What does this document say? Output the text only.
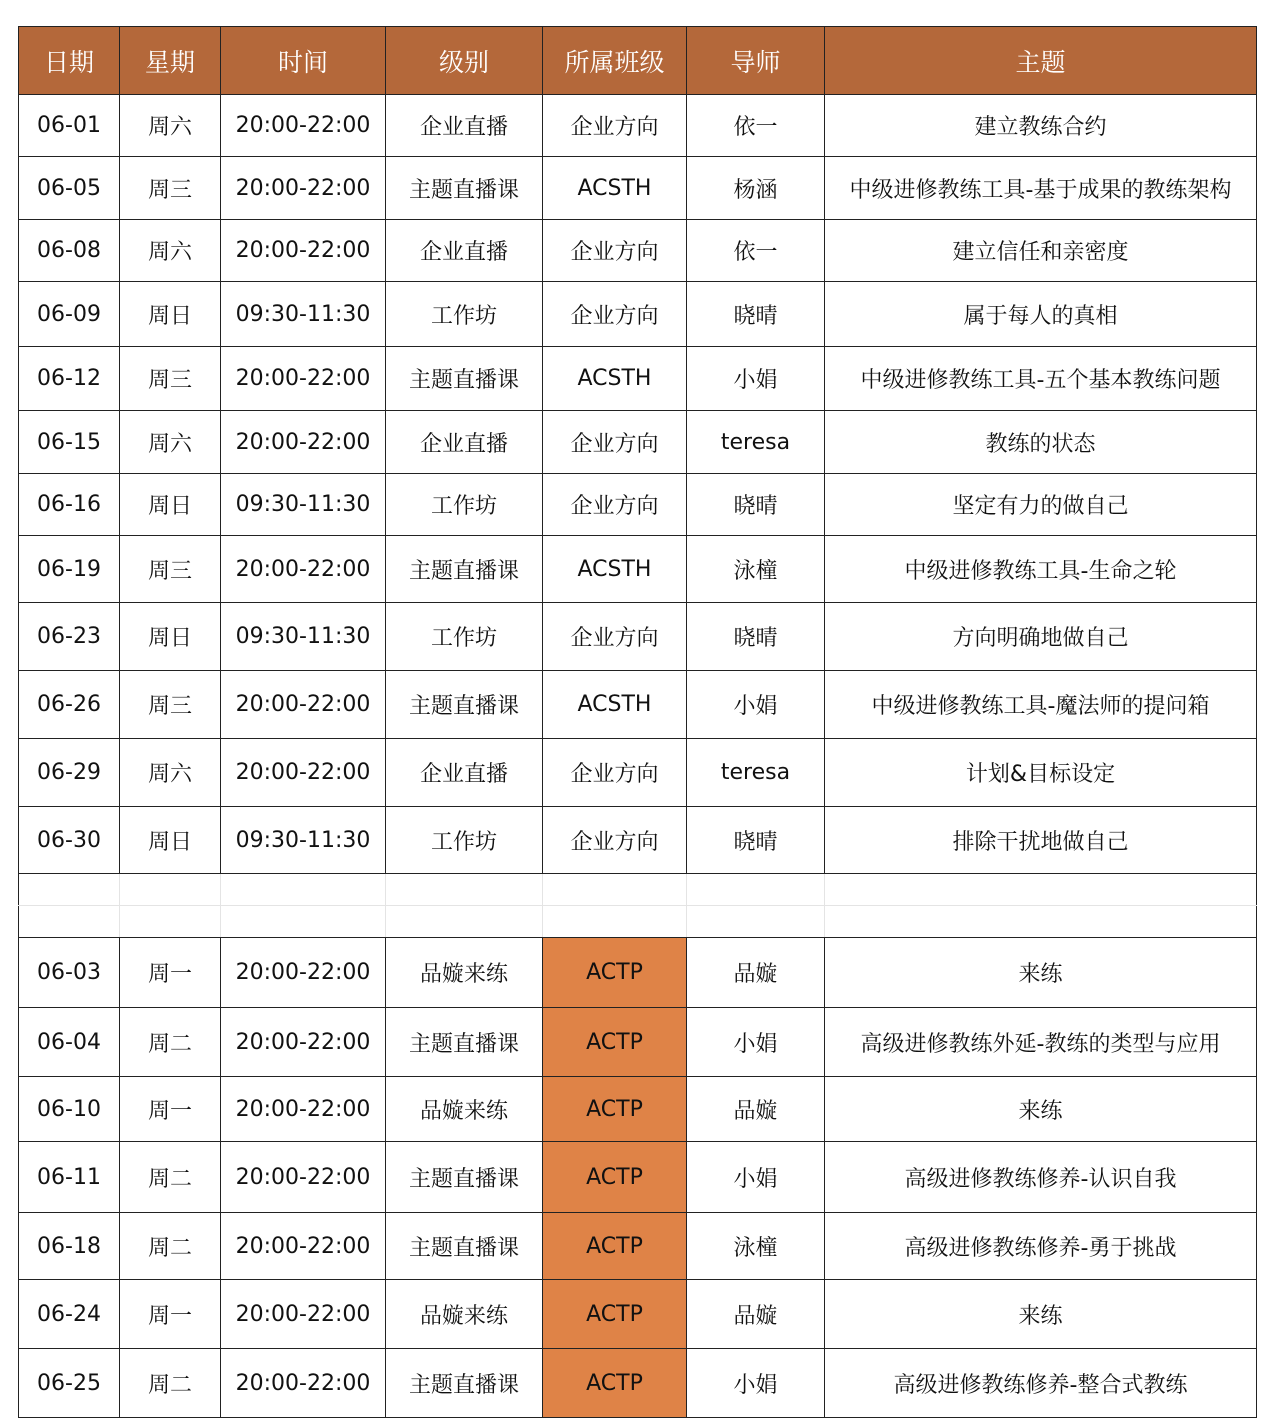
日期	星期	时间	级别	所属班级	导师	主题
06-01	周六	20:00-22:00	企业直播	企业方向	依一	建立教练合约
06-05	周三	20:00-22:00	主题直播课	ACSTH	杨涵	中级进修教练工具-基于成果的教练架构
06-08	周六	20:00-22:00	企业直播	企业方向	依一	建立信任和亲密度
06-09	周日	09:30-11:30	工作坊	企业方向	晓晴	属于每人的真相
06-12	周三	20:00-22:00	主题直播课	ACSTH	小娟	中级进修教练工具-五个基本教练问题
06-15	周六	20:00-22:00	企业直播	企业方向	teresa	教练的状态
06-16	周日	09:30-11:30	工作坊	企业方向	晓晴	坚定有力的做自己
06-19	周三	20:00-22:00	主题直播课	ACSTH	泳橦	中级进修教练工具-生命之轮
06-23	周日	09:30-11:30	工作坊	企业方向	晓晴	方向明确地做自己
06-26	周三	20:00-22:00	主题直播课	ACSTH	小娟	中级进修教练工具-魔法师的提问箱
06-29	周六	20:00-22:00	企业直播	企业方向	teresa	计划&目标设定
06-30	周日	09:30-11:30	工作坊	企业方向	晓晴	排除干扰地做自己

06-03	周一	20:00-22:00	品嫙来练	ACTP	品嫙	来练
06-04	周二	20:00-22:00	主题直播课	ACTP	小娟	高级进修教练外延-教练的类型与应用
06-10	周一	20:00-22:00	品嫙来练	ACTP	品嫙	来练
06-11	周二	20:00-22:00	主题直播课	ACTP	小娟	高级进修教练修养-认识自我
06-18	周二	20:00-22:00	主题直播课	ACTP	泳橦	高级进修教练修养-勇于挑战
06-24	周一	20:00-22:00	品嫙来练	ACTP	品嫙	来练
06-25	周二	20:00-22:00	主题直播课	ACTP	小娟	高级进修教练修养-整合式教练
